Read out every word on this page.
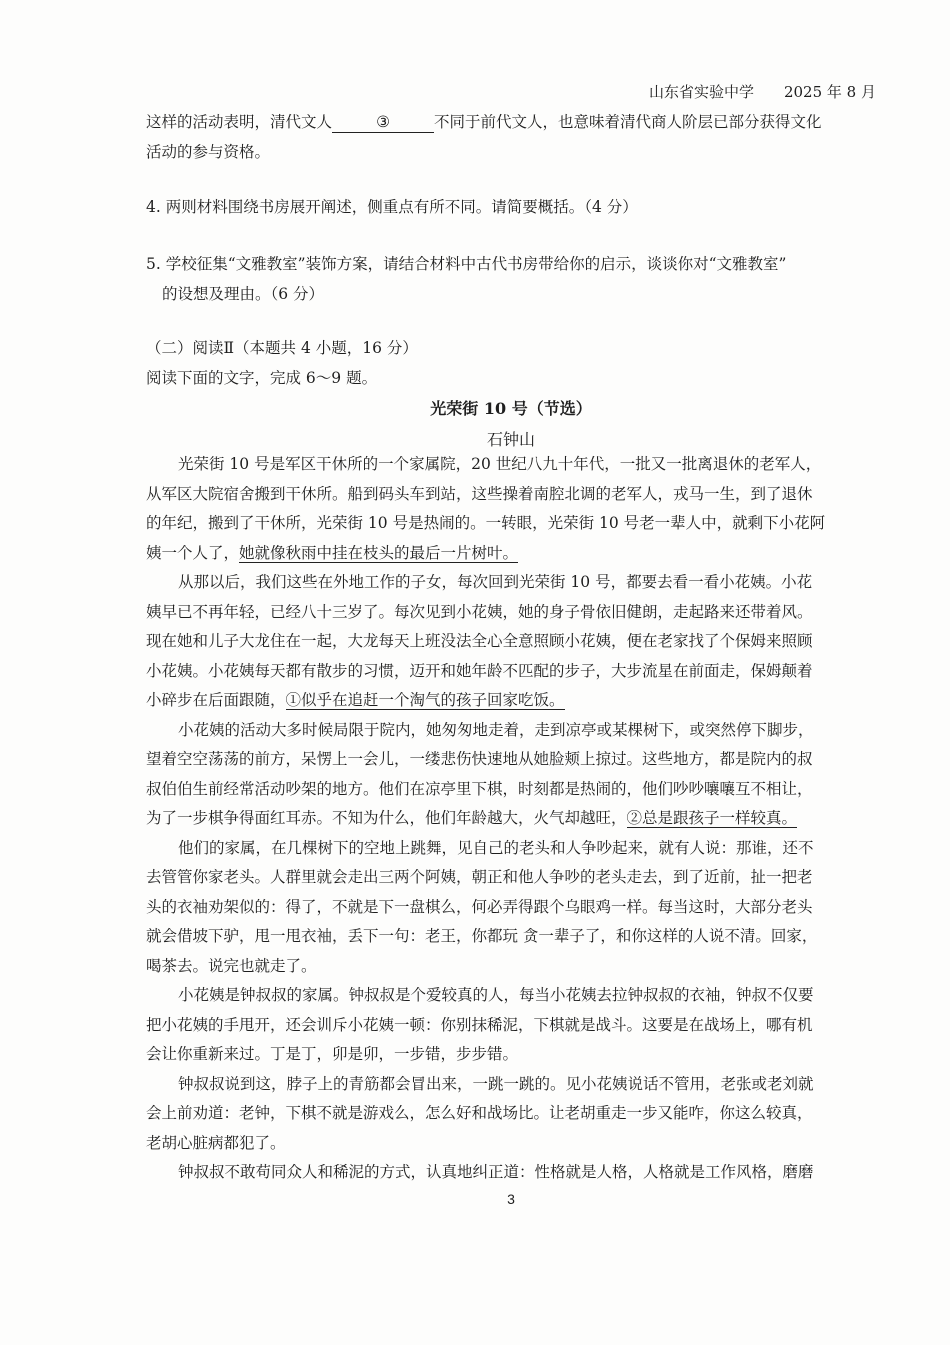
山东省实验中学   2025 年 8 月
这样的活动表明，清代文人	③	不同于前代文人，也意味着清代商人阶层已部分获得文化
活动的参与资格。
4. 两则材料围绕书房展开阐述，侧重点有所不同。请简要概括。（4 分）
5. 学校征集“文雅教室”装饰方案，请结合材料中古代书房带给你的启示，谈谈你对“文雅教室”
的设想及理由。（6 分）
（二）阅读Ⅱ（本题共 4 小题，16 分）
阅读下面的文字，完成 6～9 题。
光荣街 10 号（节选）
石钟山
光荣街 10 号是军区干休所的一个家属院，20 世纪八九十年代，一批又一批离退休的老军人，
从军区大院宿舍搬到干休所。船到码头车到站，这些操着南腔北调的老军人，戎马一生，到了退休
的年纪，搬到了干休所，光荣街 10 号是热闹的。一转眼，光荣街 10 号老一辈人中，就剩下小花阿
姨一个人了，她就像秋雨中挂在枝头的最后一片树叶。
从那以后，我们这些在外地工作的子女，每次回到光荣街 10 号，都要去看一看小花姨。小花
姨早已不再年轻，已经八十三岁了。每次见到小花姨，她的身子骨依旧健朗，走起路来还带着风。
现在她和儿子大龙住在一起，大龙每天上班没法全心全意照顾小花姨，便在老家找了个保姆来照顾
小花姨。小花姨每天都有散步的习惯，迈开和她年龄不匹配的步子，大步流星在前面走，保姆颠着
小碎步在后面跟随，①似乎在追赶一个淘气的孩子回家吃饭。
小花姨的活动大多时候局限于院内，她匆匆地走着，走到凉亭或某棵树下，或突然停下脚步，
望着空空荡荡的前方，呆愣上一会儿，一缕悲伤快速地从她脸颊上掠过。这些地方，都是院内的叔
叔伯伯生前经常活动吵架的地方。他们在凉亭里下棋，时刻都是热闹的，他们吵吵嚷嚷互不相让，
为了一步棋争得面红耳赤。不知为什么，他们年龄越大，火气却越旺，②总是跟孩子一样较真。
他们的家属，在几棵树下的空地上跳舞，见自己的老头和人争吵起来，就有人说：那谁，还不
去管管你家老头。人群里就会走出三两个阿姨，朝正和他人争吵的老头走去，到了近前，扯一把老
头的衣袖劝架似的：得了，不就是下一盘棋么，何必弄得跟个乌眼鸡一样。每当这时，大部分老头
就会借坡下驴，甩一甩衣袖，丢下一句：老王，你都玩 贪一辈子了，和你这样的人说不清。回家，
喝茶去。说完也就走了。
小花姨是钟叔叔的家属。钟叔叔是个爱较真的人，每当小花姨去拉钟叔叔的衣袖，钟叔不仅要
把小花姨的手甩开，还会训斥小花姨一顿：你别抹稀泥，下棋就是战斗。这要是在战场上，哪有机
会让你重新来过。丁是丁，卯是卯，一步错，步步错。
钟叔叔说到这，脖子上的青筋都会冒出来，一跳一跳的。见小花姨说话不管用，老张或老刘就
会上前劝道：老钟，下棋不就是游戏么，怎么好和战场比。让老胡重走一步又能咋，你这么较真，
老胡心脏病都犯了。
钟叔叔不敢苟同众人和稀泥的方式，认真地纠正道：性格就是人格，人格就是工作风格，磨磨
3
